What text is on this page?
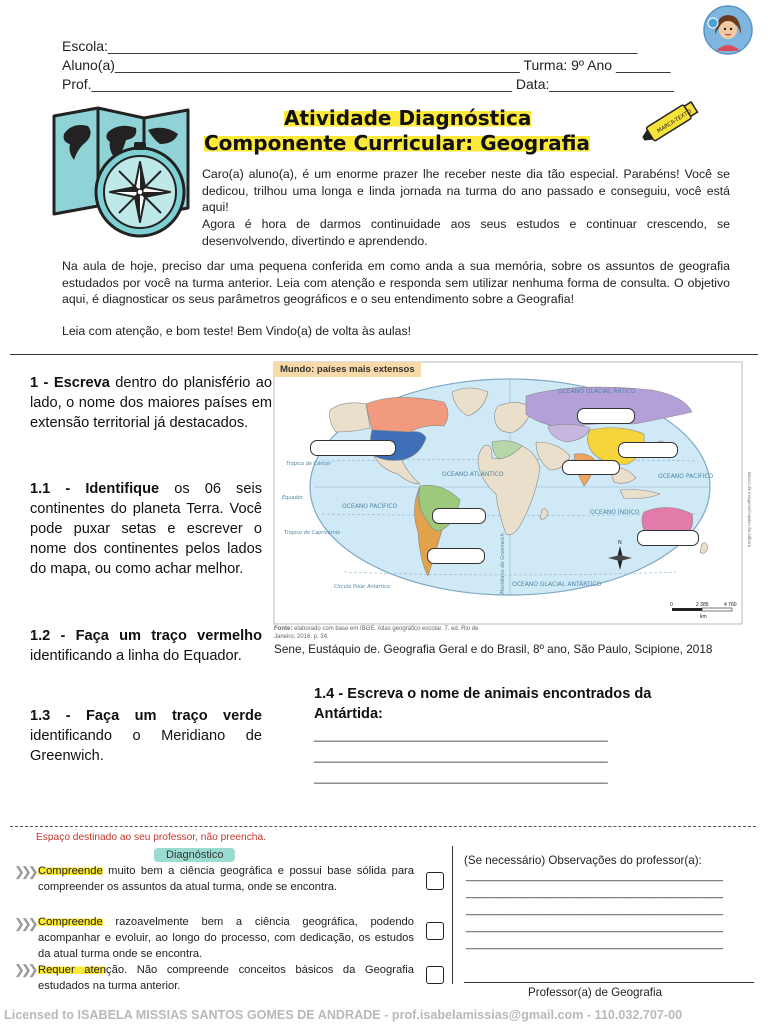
Escola:____________________________________________________________________
Aluno(a)____________________________________________________ Turma: 9º Ano _______
Prof.______________________________________________________ Data:________________
Atividade Diagnóstica
Componente Curricular: Geografia
MARCA-TEXTO
Caro(a) aluno(a), é um enorme prazer lhe receber neste dia tão especial. Parabéns! Você se dedicou, trilhou uma longa e linda jornada na turma do ano passado e conseguiu, você está aqui!
Agora é hora de darmos continuidade aos seus estudos e continuar crescendo, se desenvolvendo, divertindo e aprendendo.
Na aula de hoje, preciso dar uma pequena conferida em como anda a sua memória, sobre os assuntos de geografia estudados por você na turma anterior. Leia com atenção e responda sem utilizar nenhuma forma de consulta. O objetivo aqui, é diagnosticar os seus parâmetros geográficos e o seu entendimento sobre a Geografia!
Leia com atenção, e bom teste! Bem Vindo(a) de volta às aulas!
1 - Escreva dentro do planisfério ao lado, o nome dos maiores países em extensão territorial já destacados.
1.1 - Identifique os 06 seis continentes do planeta Terra. Você pode puxar setas e escrever o nome dos continentes pelos lados do mapa, ou como achar melhor.
1.2 - Faça um traço vermelho identificando a linha do Equador.
1.3 - Faça um traço verde identificando o Meridiano de Greenwich.
OCEANO GLACIAL ÁRTICO
OCEANO PACÍFICO
OCEANO ATLÂNTICO	OCEANO PACÍFICO
OCEANO ÍNDICO
OCEANO GLACIAL ANTÁRTICO
Trópico de Câncer
Equador
Trópico de Capricórnio
Círculo Polar Antártico	Meridiano de Greenwich	N
0	2 385	4 760
km
Banco de imagens/Arquivo da editora
Mundo: países mais extensos
Fonte: elaborado com base em IBGE. Atlas geográfico escolar. 7. ed. Rio de Janeiro, 2016. p. 34.
Sene, Eustáquio de. Geografia Geral e do Brasil, 8º ano, São Paulo, Scipione, 2018
1.4 - Escreva o nome de animais encontrados da Antártida:
____________________________________________
____________________________________________
____________________________________________
Espaço destinado ao seu professor, não preencha.
Diagnóstico
❯❯❯ Compreende muito bem a ciência geográfica e possui base sólida para compreender os assuntos da atual turma, onde se encontra.
❯❯❯ Compreende razoavelmente bem a ciência geográfica, podendo acompanhar e evoluir, ao longo do processo, com dedicação, os estudos da atual turma onde se encontra.
❯❯❯ Requer atenção. Não compreende conceitos básicos da Geografia estudados na turma anterior.
(Se necessário) Observações do professor(a):
__________________________________________
__________________________________________
__________________________________________
__________________________________________
__________________________________________
Professor(a) de Geografia
Licensed to ISABELA MISSIAS SANTOS GOMES DE ANDRADE - prof.isabelamissias@gmail.com - 110.032.707-00
